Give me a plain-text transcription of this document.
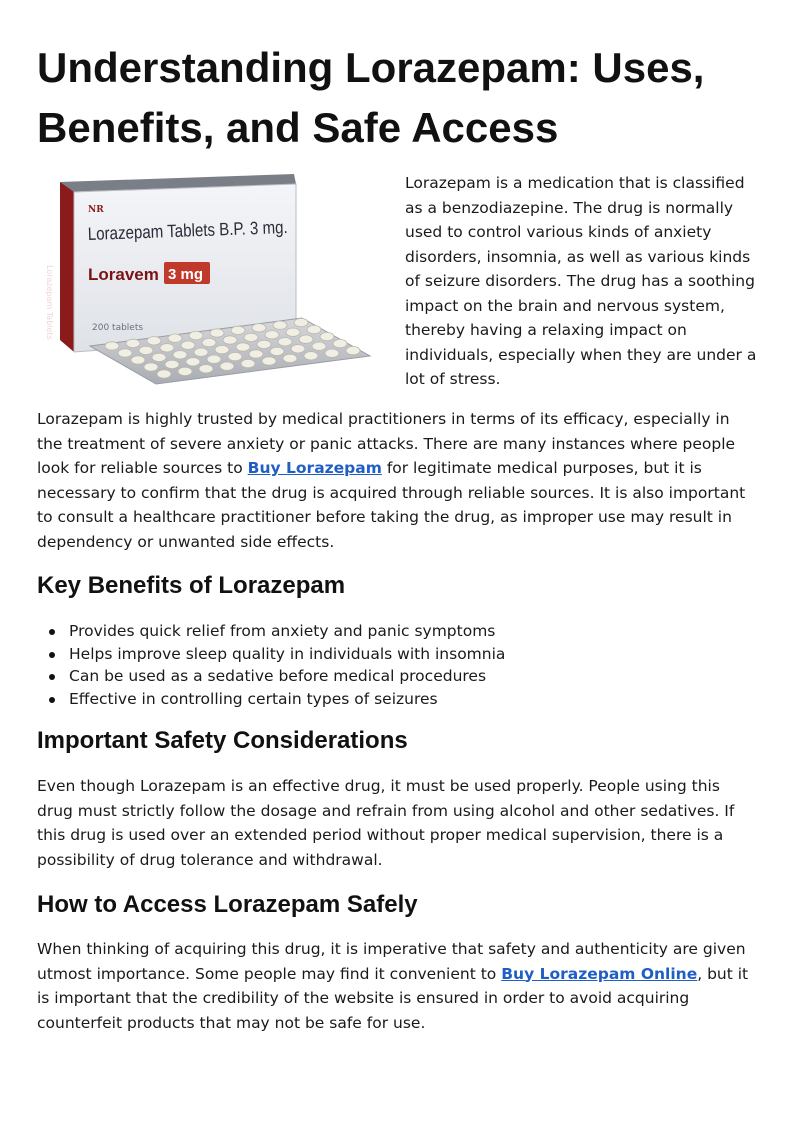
Understanding Lorazepam: Uses, Benefits, and Safe Access
Lorazepam Tablets
NR
Lorazepam Tablets B.P. 3 mg.
Loravem 3 mg
200 tablets

Lorazepam is a medication that is classified as a benzodiazepine. The drug is normally used to control various kinds of anxiety disorders, insomnia, as well as various kinds of seizure disorders. The drug has a soothing impact on the brain and nervous system, thereby having a relaxing impact on individuals, especially when they are under a lot of stress.

Lorazepam is highly trusted by medical practitioners in terms of its efficacy, especially in the treatment of severe anxiety or panic attacks. There are many instances where people look for reliable sources to Buy Lorazepam for legitimate medical purposes, but it is necessary to confirm that the drug is acquired through reliable sources. It is also important to consult a healthcare practitioner before taking the drug, as improper use may result in dependency or unwanted side effects.

Key Benefits of Lorazepam
Provides quick relief from anxiety and panic symptoms
Helps improve sleep quality in individuals with insomnia
Can be used as a sedative before medical procedures
Effective in controlling certain types of seizures
Important Safety Considerations

Even though Lorazepam is an effective drug, it must be used properly. People using this drug must strictly follow the dosage and refrain from using alcohol and other sedatives. If this drug is used over an extended period without proper medical supervision, there is a possibility of drug tolerance and withdrawal.

How to Access Lorazepam Safely

When thinking of acquiring this drug, it is imperative that safety and authenticity are given utmost importance. Some people may find it convenient to Buy Lorazepam Online, but it is important that the credibility of the website is ensured in order to avoid acquiring counterfeit products that may not be safe for use.
